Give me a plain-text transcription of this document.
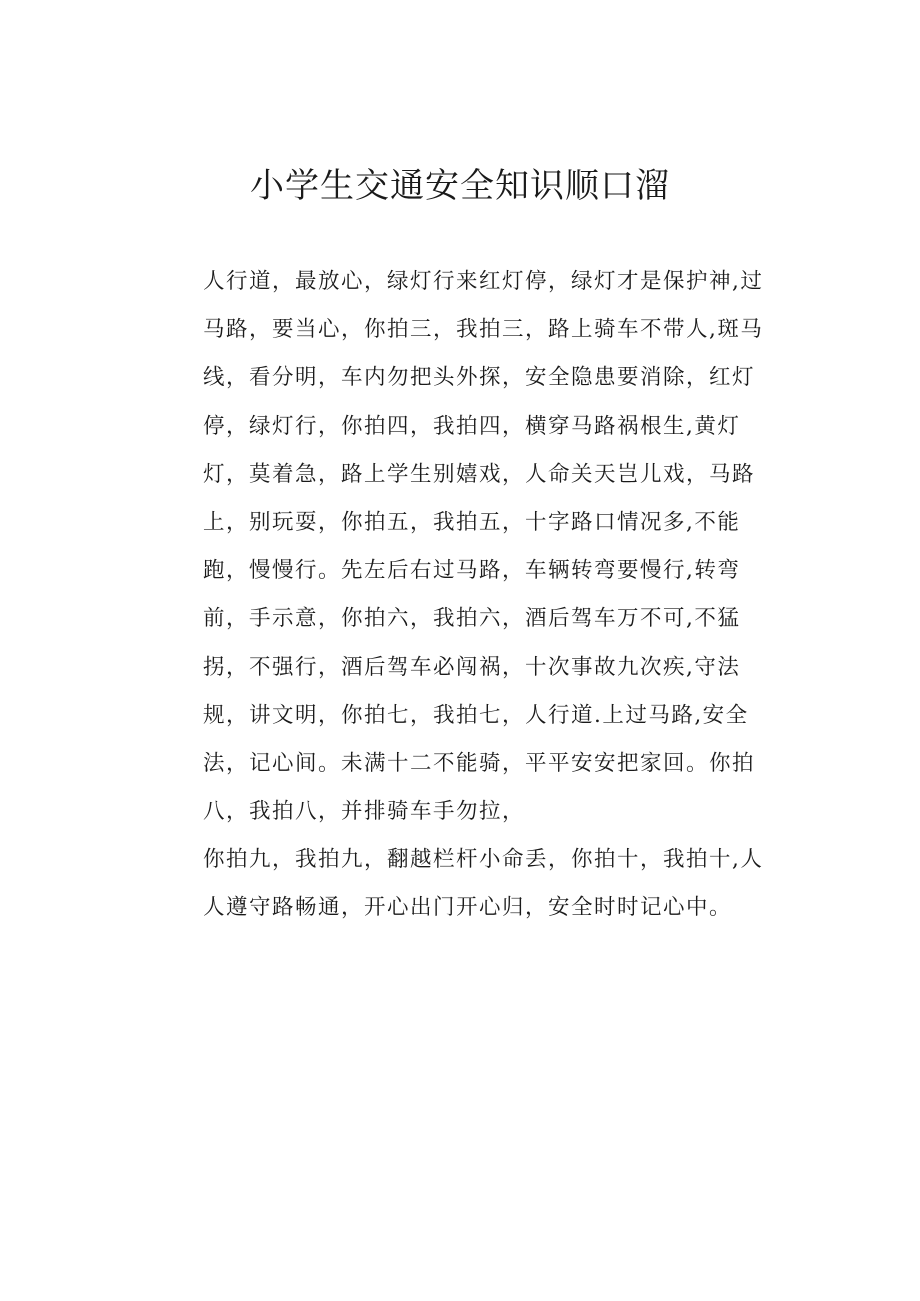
小学生交通安全知识顺口溜
人行道，最放心，绿灯行来红灯停，绿灯才是保护神,过
马路，要当心，你拍三，我拍三，路上骑车不带人,斑马
线，看分明，车内勿把头外探，安全隐患要消除，红灯
停，绿灯行，你拍四，我拍四，横穿马路祸根生,黄灯
灯，莫着急，路上学生别嬉戏，人命关天岂儿戏，马路
上，别玩耍，你拍五，我拍五，十字路口情况多,不能
跑，慢慢行。先左后右过马路，车辆转弯要慢行,转弯
前，手示意，你拍六，我拍六，酒后驾车万不可,不猛
拐，不强行，酒后驾车必闯祸，十次事故九次疾,守法
规，讲文明，你拍七，我拍七，人行道.上过马路,安全
法，记心间。未满十二不能骑，平平安安把家回。你拍
八，我拍八，并排骑车手勿拉，
你拍九，我拍九，翻越栏杆小命丢，你拍十，我拍十,人
人遵守路畅通，开心出门开心归，安全时时记心中。
